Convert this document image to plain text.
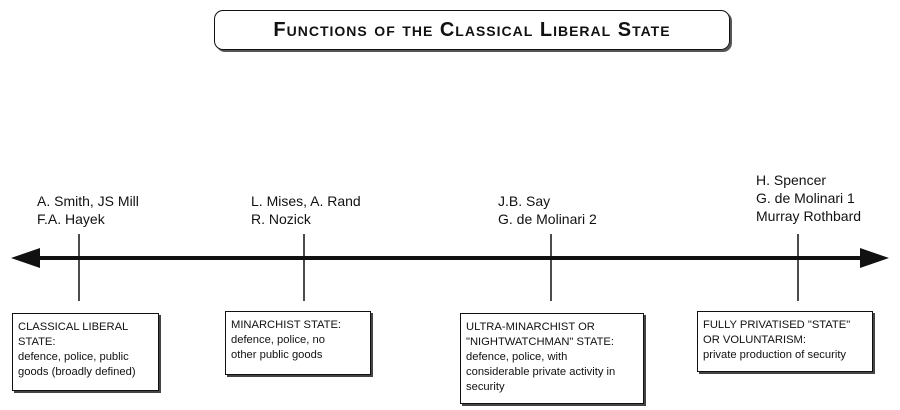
Functions of the Classical Liberal State
A. Smith, JS Mill
F.A. Hayek
CLASSICAL LIBERAL
STATE:
defence, police, public
goods (broadly defined)
L. Mises, A. Rand
R. Nozick
MINARCHIST STATE:
defence, police, no
other public goods
J.B. Say
G. de Molinari 2
ULTRA-MINARCHIST OR
"NIGHTWATCHMAN" STATE:
defence, police, with
considerable private activity in
security
H. Spencer
G. de Molinari 1
Murray Rothbard
FULLY PRIVATISED "STATE"
OR VOLUNTARISM:
private production of security
